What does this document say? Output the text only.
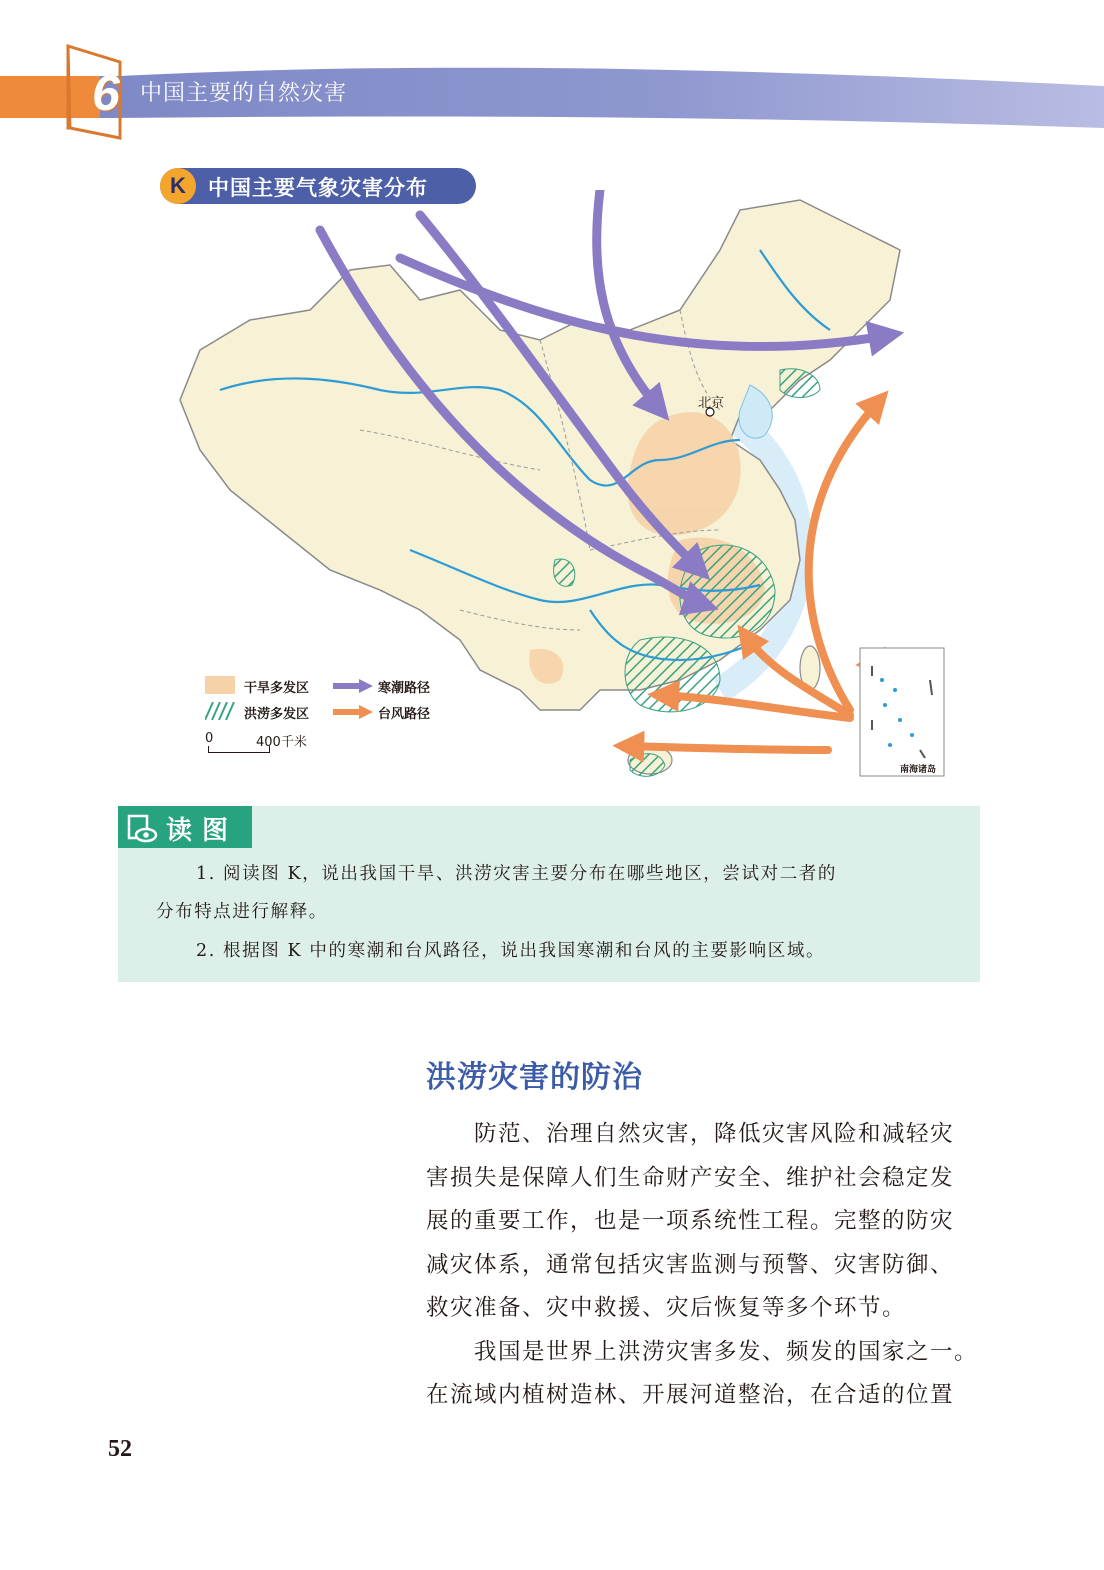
6 中国主要的自然灾害
北京
南海诸岛
K	中国主要气象灾害分布
干旱多发区
洪涝多发区
寒潮路径
台风路径
0	400千米
读图
1. 阅读图 K，说出我国干旱、洪涝灾害主要分布在哪些地区，尝试对二者的
分布特点进行解释。
2. 根据图 K 中的寒潮和台风路径，说出我国寒潮和台风的主要影响区域。
洪涝灾害的防治
防范、治理自然灾害，降低灾害风险和减轻灾
害损失是保障人们生命财产安全、维护社会稳定发
展的重要工作，也是一项系统性工程。完整的防灾
减灾体系，通常包括灾害监测与预警、灾害防御、
救灾准备、灾中救援、灾后恢复等多个环节。
我国是世界上洪涝灾害多发、频发的国家之一。
在流域内植树造林、开展河道整治，在合适的位置
52
